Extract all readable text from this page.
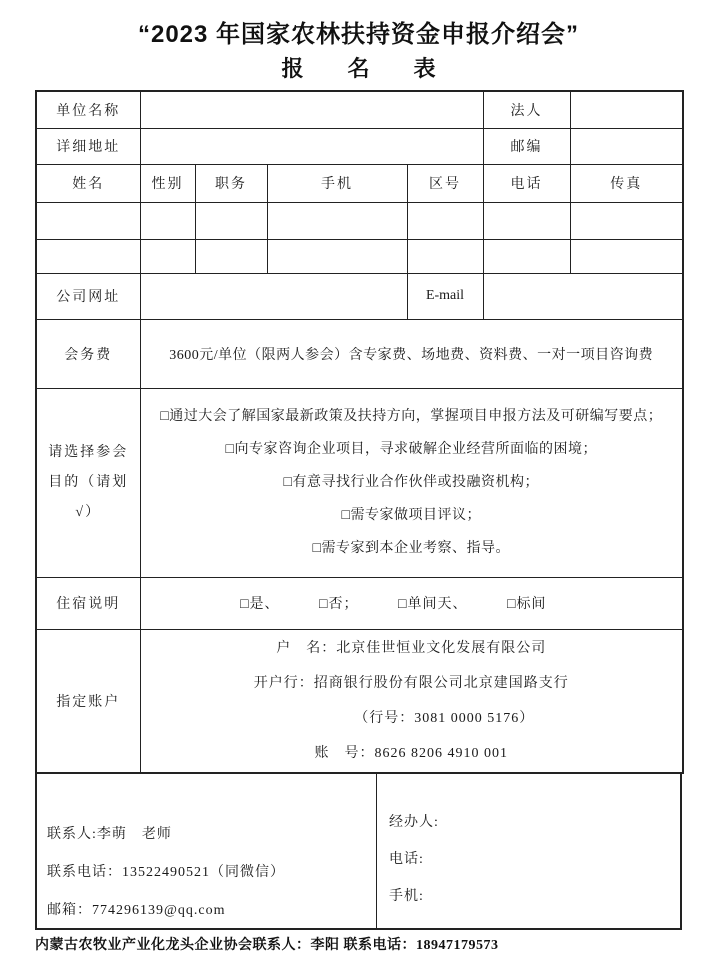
“2023 年国家农林扶持资金申报介绍会”
报　　名　　表
单位名称					法人	
详细地址					邮编	
姓名	性别	职务	手机	区号	电话	传真

公司网址				E-mail		
会务费	3600元/单位（限两人参会）含专家费、场地费、资料费、一对一项目咨询费					

请选择参会目的（请划√）	□通过大会了解国家最新政策及扶持方向，掌握项目申报方法及可研编写要点；
□向专家咨询企业项目，寻求破解企业经营所面临的困境；
□有意寻找行业合作伙伴或投融资机构；
□需专家做项目评议；
□需专家到本企业考察、指导。					

住宿说明	□是、 □否； □单间天、 □标间					
指定账户	户　名：北京佳世恒业文化发展有限公司
开户行：招商银行股份有限公司北京建国路支行
（行号：3081 0000 5176）
账　号：8626 8206 4910 001					
联系人:李萌　老师
联系电话：13522490521（同微信）
邮箱：774296139@qq.com
经办人:
电话:
手机:
内蒙古农牧业产业化龙头企业协会联系人：李阳 联系电话：18947179573
